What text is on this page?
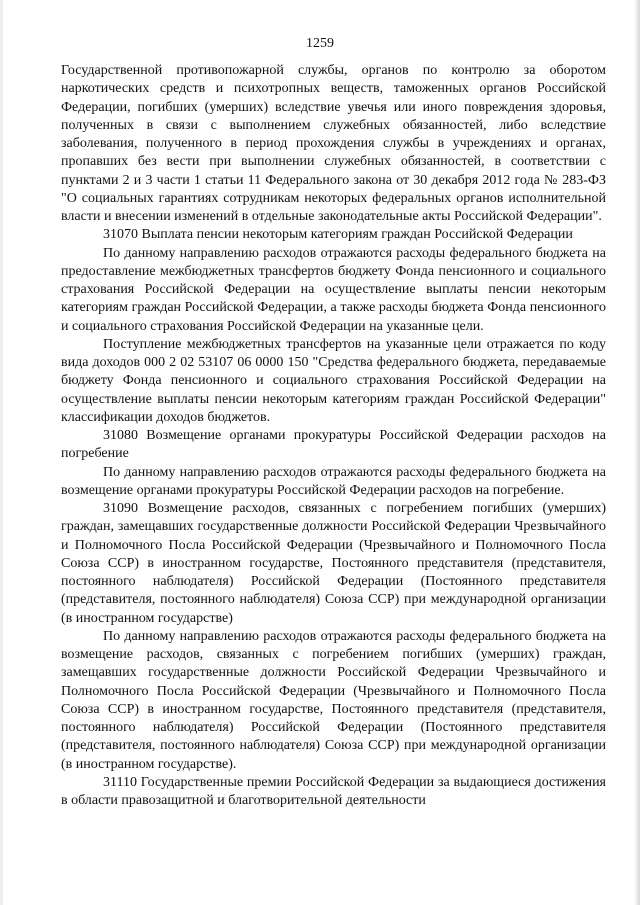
1259

Государственной противопожарной службы, органов по контролю за оборотом наркотических средств и психотропных веществ, таможенных органов Российской Федерации, погибших (умерших) вследствие увечья или иного повреждения здоровья, полученных в связи с выполнением служебных обязанностей, либо вследствие заболевания, полученного в период прохождения службы в учреждениях и органах, пропавших без вести при выполнении служебных обязанностей, в соответствии с пунктами 2 и 3 части 1 статьи 11 Федерального закона от 30 декабря 2012 года № 283-ФЗ "О социальных гарантиях сотрудникам некоторых федеральных органов исполнительной власти и внесении изменений в отдельные законодательные акты Российской Федерации".

31070 Выплата пенсии некоторым категориям граждан Российской Федерации

По данному направлению расходов отражаются расходы федерального бюджета на предоставление межбюджетных трансфертов бюджету Фонда пенсионного и социального страхования Российской Федерации на осуществление выплаты пенсии некоторым категориям граждан Российской Федерации, а также расходы бюджета Фонда пенсионного и социального страхования Российской Федерации на указанные цели.

Поступление межбюджетных трансфертов на указанные цели отражается по коду вида доходов 000 2 02 53107 06 0000 150 "Средства федерального бюджета, передаваемые бюджету Фонда пенсионного и социального страхования Российской Федерации на осуществление выплаты пенсии некоторым категориям граждан Российской Федерации" классификации доходов бюджетов.

31080 Возмещение органами прокуратуры Российской Федерации расходов на погребение

По данному направлению расходов отражаются расходы федерального бюджета на возмещение органами прокуратуры Российской Федерации расходов на погребение.

31090 Возмещение расходов, связанных с погребением погибших (умерших) граждан, замещавших государственные должности Российской Федерации Чрезвычайного и Полномочного Посла Российской Федерации (Чрезвычайного и Полномочного Посла Союза ССР) в иностранном государстве, Постоянного представителя (представителя, постоянного наблюдателя) Российской Федерации (Постоянного представителя (представителя, постоянного наблюдателя) Союза ССР) при международной организации (в иностранном государстве)

По данному направлению расходов отражаются расходы федерального бюджета на возмещение расходов, связанных с погребением погибших (умерших) граждан, замещавших государственные должности Российской Федерации Чрезвычайного и Полномочного Посла Российской Федерации (Чрезвычайного и Полномочного Посла Союза ССР) в иностранном государстве, Постоянного представителя (представителя, постоянного наблюдателя) Российской Федерации (Постоянного представителя (представителя, постоянного наблюдателя) Союза ССР) при международной организации (в иностранном государстве).

31110 Государственные премии Российской Федерации за выдающиеся достижения в области правозащитной и благотворительной деятельности
